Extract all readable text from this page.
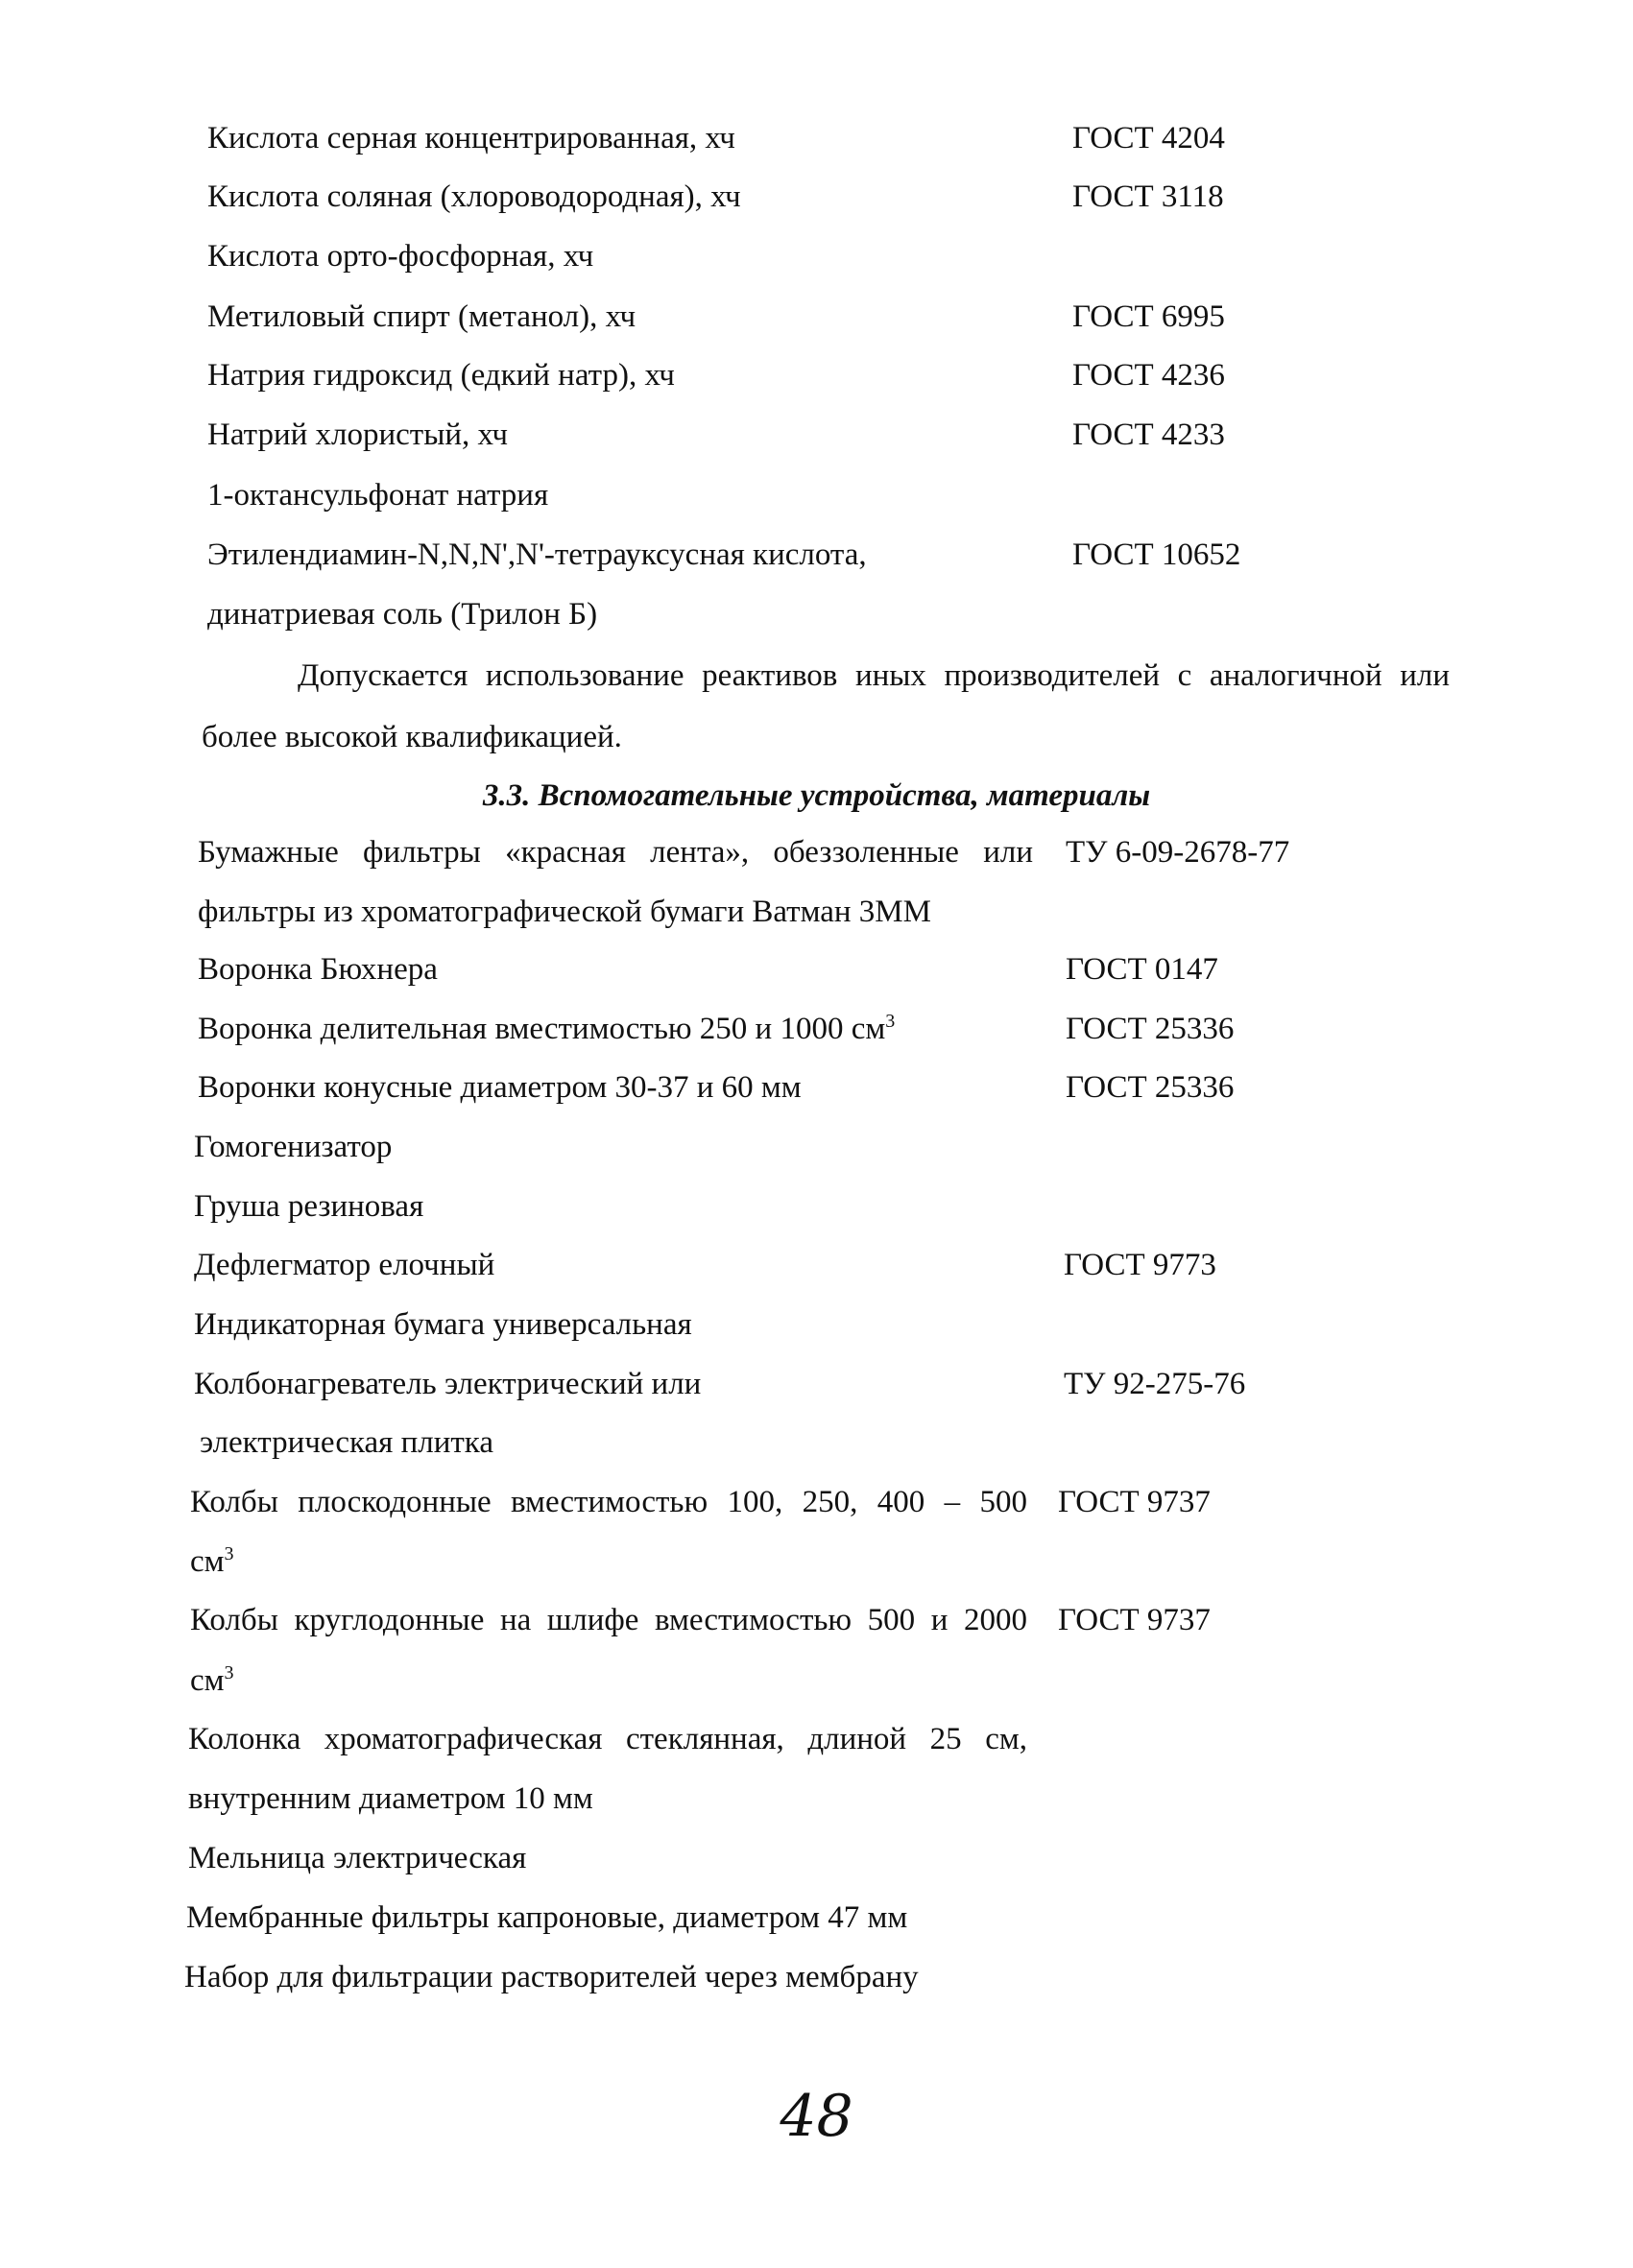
Кислота серная концентрированная, хч	ГОСТ 4204
Кислота соляная (хлороводородная), хч	ГОСТ 3118
Кислота орто-фосфорная, хч
Метиловый спирт (метанол), хч	ГОСТ 6995
Натрия гидроксид (едкий натр), хч	ГОСТ 4236
Натрий хлористый, хч	ГОСТ 4233
1-октансульфонат натрия
Этилендиамин-N,N,N',N'-тетрауксусная кислота,	ГОСТ 10652
динатриевая соль (Трилон Б)
Допускается использование реактивов иных производителей с аналогичной или
более высокой квалификацией.
3.3. Вспомогательные устройства, материалы
Бумажные фильтры «красная лента», обеззоленные или ТУ 6-09-2678-77
фильтры из хроматографической бумаги Ватман 3ММ
Воронка Бюхнера	ГОСТ 0147
Воронка делительная вместимостью 250 и 1000 $см^3$	ГОСТ 25336
Воронки конусные диаметром 30-37 и 60 мм	ГОСТ 25336
Гомогенизатор
Груша резиновая
Дефлегматор елочный	ГОСТ 9773
Индикаторная бумага универсальная
Колбонагреватель электрический или	ТУ 92-275-76
электрическая плитка
Колбы плоскодонные вместимостью 100, 250, 400 – 500 ГОСТ 9737
$см^3$
Колбы круглодонные на шлифе вместимостью 500 и 2000 ГОСТ 9737
$см^3$
Колонка хроматографическая стеклянная, длиной 25 см,
внутренним диаметром 10 мм
Мельница электрическая
Мембранные фильтры капроновые, диаметром 47 мм
Набор для фильтрации растворителей через мембрану
48
